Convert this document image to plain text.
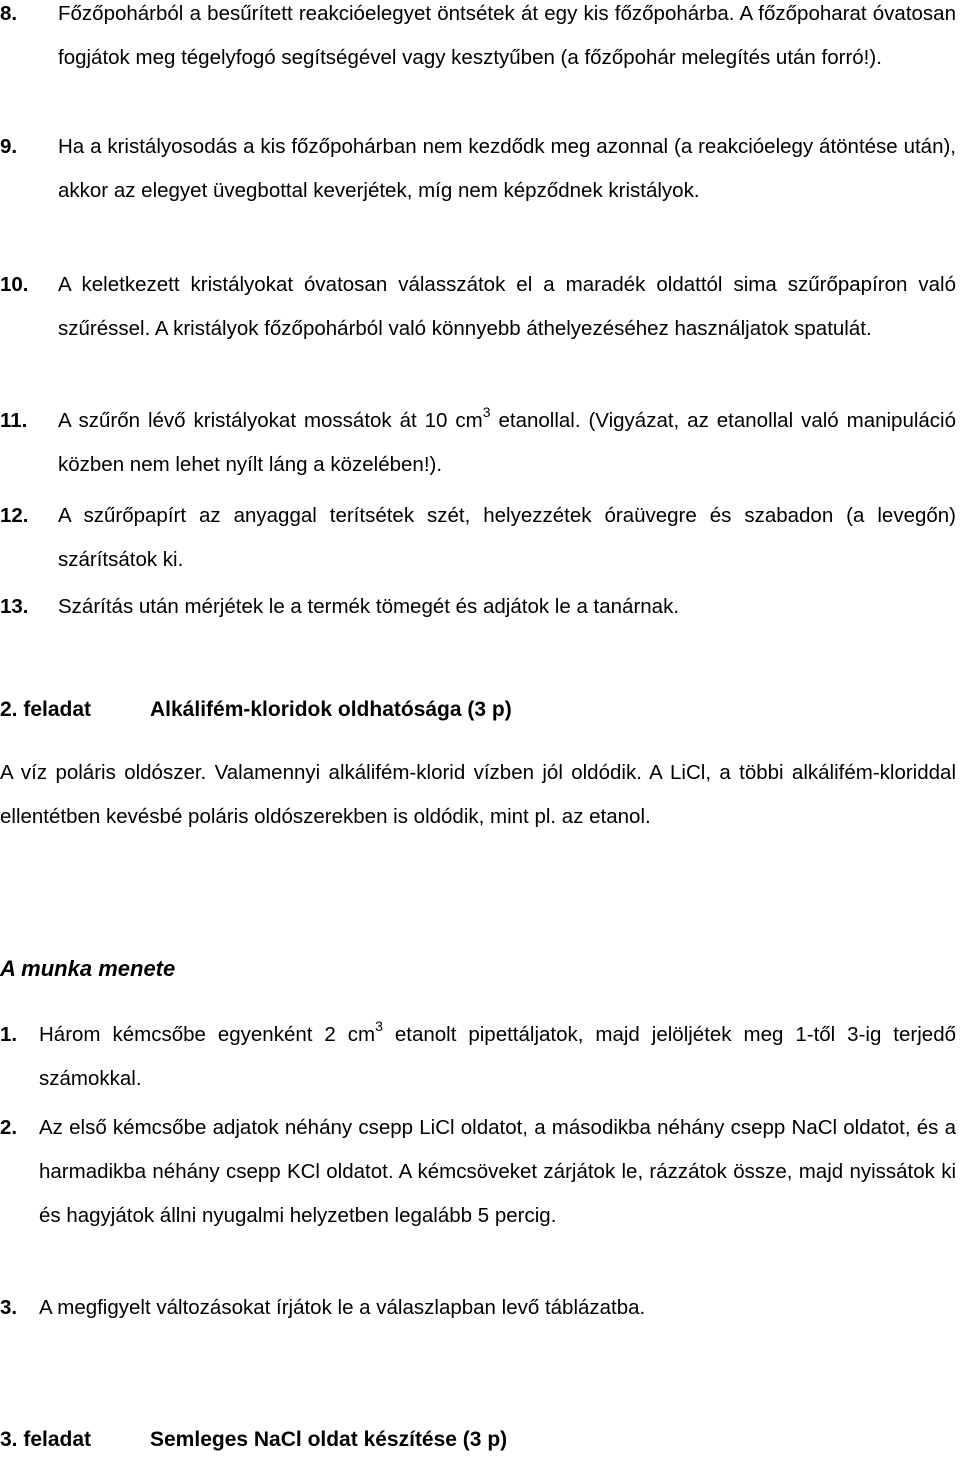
8. Főzőpohárból a besűrített reakcióelegyet öntsétek át egy kis főzőpohárba. A főzőpoharat óvatosan fogjátok meg tégelyfogó segítségével vagy kesztyűben (a főzőpohár melegítés után forró!).
9. Ha a kristályosodás a kis főzőpohárban nem kezdődk meg azonnal (a reakcióelegy átöntése után), akkor az elegyet üvegbottal keverjétek, míg nem képződnek kristályok.
10. A keletkezett kristályokat óvatosan válasszátok el a maradék oldattól sima szűrőpapíron való szűréssel. A kristályok főzőpohárból való könnyebb áthelyezéséhez használjatok spatulát.
11. A szűrőn lévő kristályokat mossátok át 10 $cm^3$ etanollal. (Vigyázat, az etanollal való manipuláció közben nem lehet nyílt láng a közelében!).
12. A szűrőpapírt az anyaggal terítsétek szét, helyezzétek óraüvegre és szabadon (a levegőn) szárítsátok ki.
13. Szárítás után mérjétek le a termék tömegét és adjátok le a tanárnak.
2. feladat	Alkálifém-kloridok oldhatósága (3 p)
A víz poláris oldószer. Valamennyi alkálifém-klorid vízben jól oldódik. A LiCl, a többi alkálifém-kloriddal ellentétben kevésbé poláris oldószerekben is oldódik, mint pl. az etanol.
A munka menete
1. Három kémcsőbe egyenként 2 $cm^3$ etanolt pipettáljatok, majd jelöljétek meg 1-től 3-ig terjedő számokkal.
2. Az első kémcsőbe adjatok néhány csepp LiCl oldatot, a másodikba néhány csepp NaCl oldatot, és a harmadikba néhány csepp KCl oldatot. A kémcsöveket zárjátok le, rázzátok össze, majd nyissátok ki és hagyjátok állni nyugalmi helyzetben legalább 5 percig.
3. A megfigyelt változásokat írjátok le a válaszlapban levő táblázatba.
3. feladat	Semleges NaCl oldat készítése (3 p)
